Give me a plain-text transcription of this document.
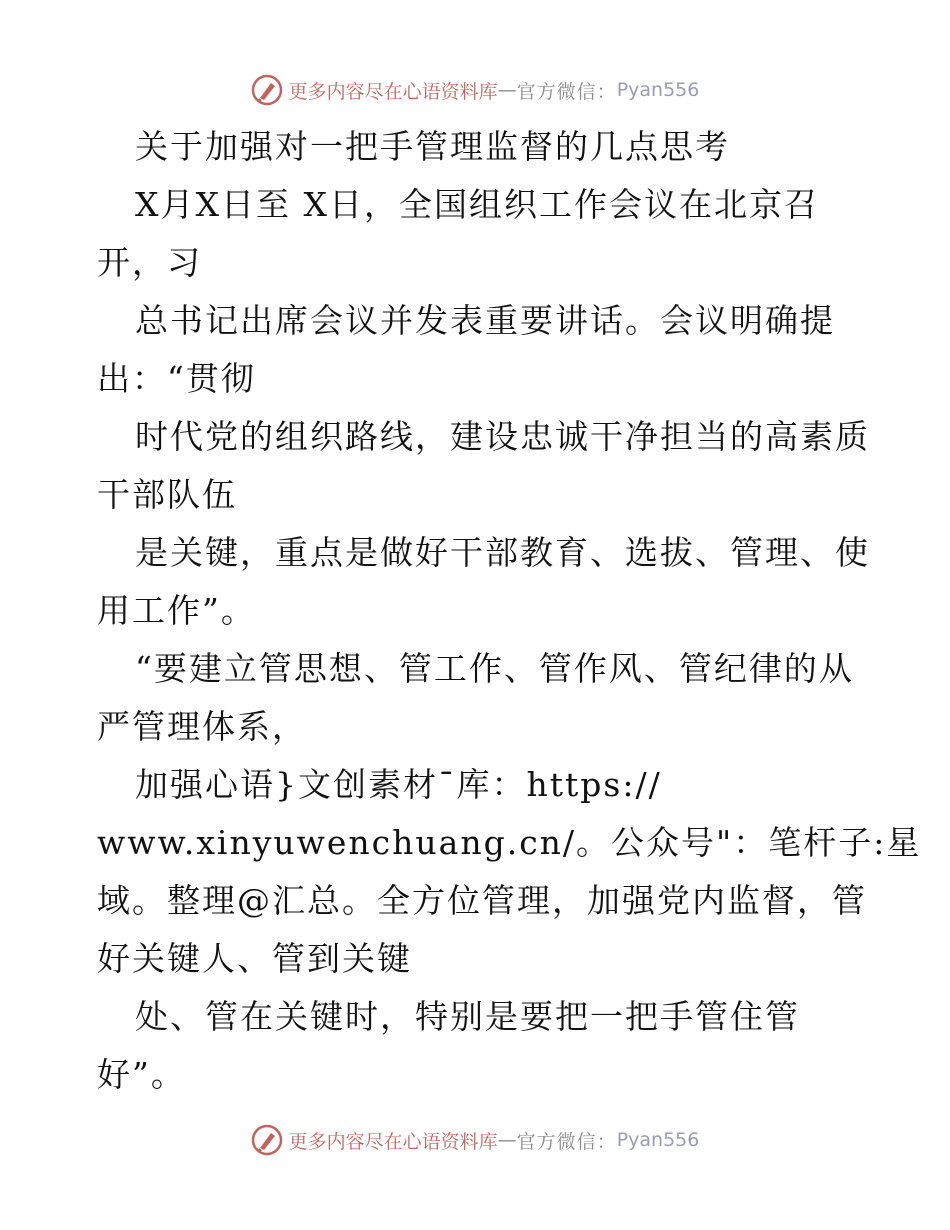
更多内容尽在心语资料库 — 官方微信： Pyan556
关于加强对一把手管理监督的几点思考
X月X日至 X日，全国组织工作会议在北京召
开，习
总书记出席会议并发表重要讲话。会议明确提
出：“贯彻
时代党的组织路线，建设忠诚干净担当的高素质
干部队伍
是关键，重点是做好干部教育、选拔、管理、使
用工作”。
“要建立管思想、管工作、管作风、管纪律的从
严管理体系，
加强心语}文创素材¯库：https://
www.xinyuwenchuang.cn/。公众号"：笔杆子:星
域。整理@汇总。全方位管理，加强党内监督，管
好关键人、管到关键
处、管在关键时，特别是要把一把手管住管
好”。
更多内容尽在心语资料库 — 官方微信： Pyan556
